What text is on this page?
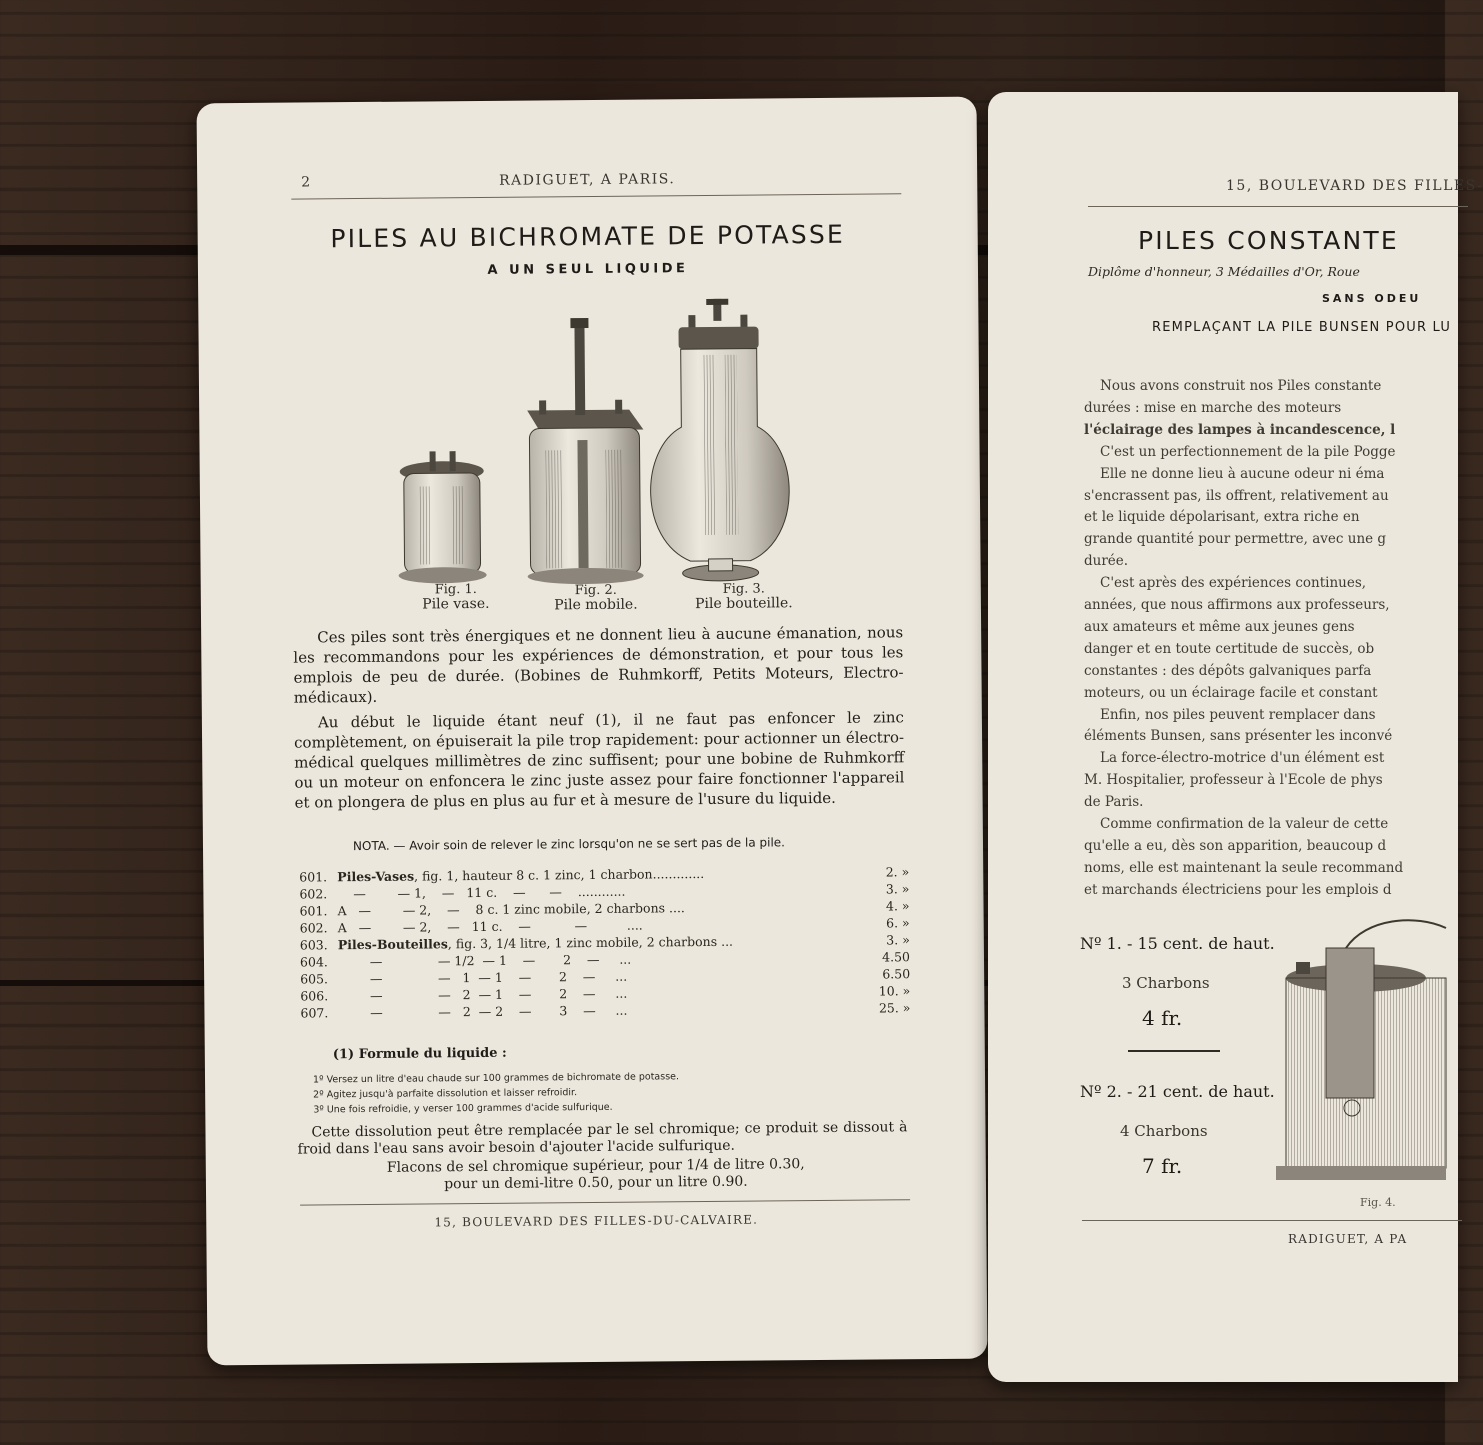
2	RADIGUET, A PARIS.
PILES AU BICHROMATE DE POTASSE
A UN SEUL LIQUIDE
Fig. 1.
Pile vase.
Fig. 2.
Pile mobile.
Fig. 3.
Pile bouteille.
Ces piles sont très énergiques et ne donnent lieu à aucune émanation, nous les recommandons pour les expériences de démonstration, et pour tous les emplois de peu de durée. (Bobines de Ruhmkorff, Petits Moteurs, Electro-médicaux).
Au début le liquide étant neuf (1), il ne faut pas enfoncer le zinc complètement, on épuiserait la pile trop rapidement: pour actionner un électro-médical quelques millimètres de zinc suffisent; pour une bobine de Ruhmkorff ou un moteur on enfoncera le zinc juste assez pour faire fonctionner l'appareil et on plongera de plus en plus au fur et à mesure de l'usure du liquide.
NOTA. — Avoir soin de relever le zinc lorsqu'on ne se sert pas de la pile.
601. Piles-Vases, fig. 1, hauteur 8 c. 1 zinc, 1 charbon.............	2. »
602. —        — 1,    —   11 c.    —      —    ............	3. »
601. A   —        — 2,    —    8 c. 1 zinc mobile, 2 charbons ....	4. »
602. A   —        — 2,    —   11 c.    —           —          ....	6. »
603. Piles-Bouteilles, fig. 3, 1/4 litre, 1 zinc mobile, 2 charbons ...	3. »
604. —              — 1/2  — 1    —       2    —     ...	4.50
605. —              —   1  — 1    —       2    —     ...	6.50
606. —              —   2  — 1    —       2    —     ...	10. »
607. —              —   2  — 2    —       3    —     ...	25. »
(1) Formule du liquide :
1º Versez un litre d'eau chaude sur 100 grammes de bichromate de potasse.
2º Agitez jusqu'à parfaite dissolution et laisser refroidir.
3º Une fois refroidie, y verser 100 grammes d'acide sulfurique.
Cette dissolution peut être remplacée par le sel chromique; ce produit se dissout à froid dans l'eau sans avoir besoin d'ajouter l'acide sulfurique.
Flacons de sel chromique supérieur, pour 1/4 de litre 0.30,
pour un demi-litre 0.50, pour un litre 0.90.
15, BOULEVARD DES FILLES-DU-CALVAIRE.
15, BOULEVARD DES FILLES-
PILES CONSTANTE
Diplôme d'honneur, 3 Médailles d'Or, Roue
SANS ODEU
REMPLAÇANT LA PILE BUNSEN POUR LU
Nous avons construit nos Piles constante
durées : mise en marche des moteurs
l'éclairage des lampes à incandescence, l
C'est un perfectionnement de la pile Pogge
Elle ne donne lieu à aucune odeur ni éma
s'encrassent pas, ils offrent, relativement au
et le liquide dépolarisant, extra riche en
grande quantité pour permettre, avec une g
durée.
C'est après des expériences continues,
années, que nous affirmons aux professeurs,
aux amateurs et même aux jeunes gens
danger et en toute certitude de succès, ob
constantes : des dépôts galvaniques parfa
moteurs, ou un éclairage facile et constant
Enfin, nos piles peuvent remplacer dans
éléments Bunsen, sans présenter les inconvé
La force-électro-motrice d'un élément est
M. Hospitalier, professeur à l'Ecole de phys
de Paris.
Comme confirmation de la valeur de cette
qu'elle a eu, dès son apparition, beaucoup d
noms, elle est maintenant la seule recommand
et marchands électriciens pour les emplois d
Nº 1. - 15 cent. de haut.
3 Charbons
4 fr.
Nº 2. - 21 cent. de haut.
4 Charbons
7 fr.
Fig. 4.
RADIGUET, A PA
